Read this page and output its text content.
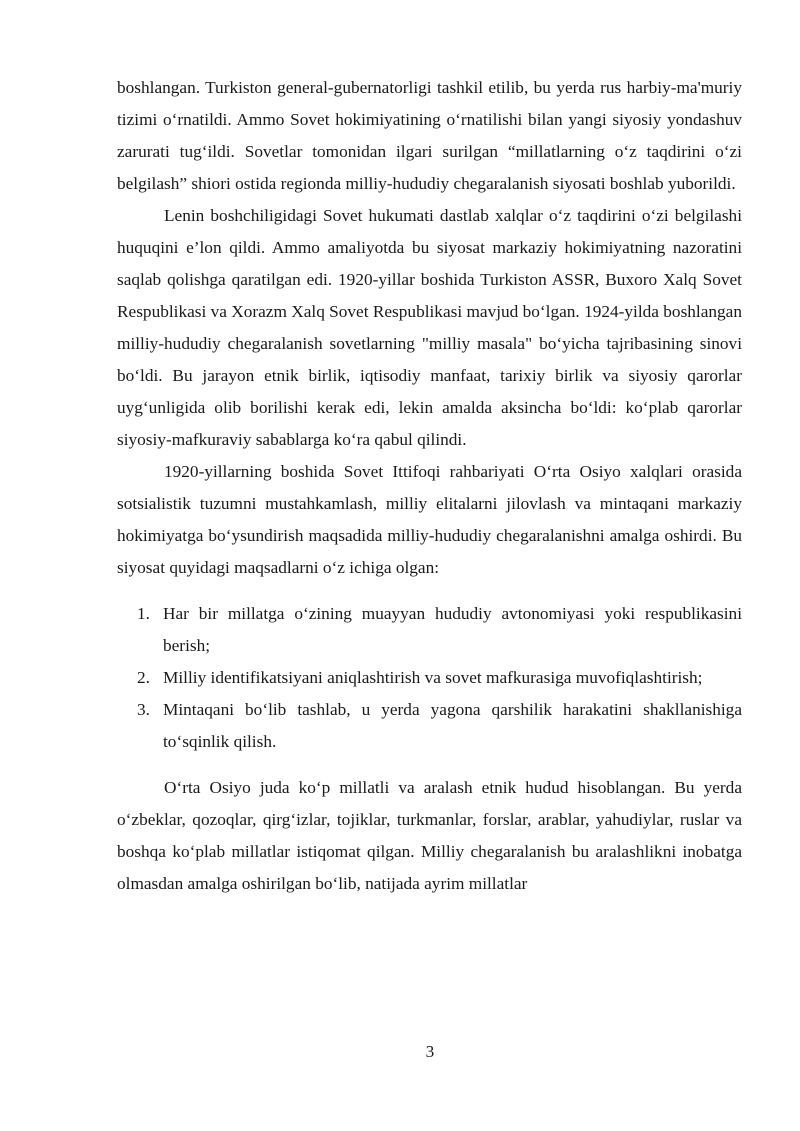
boshlangan. Turkiston general-gubernatorligi tashkil etilib, bu yerda rus harbiy-ma'muriy tizimi oʻrnatildi. Ammo Sovet hokimiyatining oʻrnatilishi bilan yangi siyosiy yondashuv zarurati tugʻildi. Sovetlar tomonidan ilgari surilgan “millatlarning oʻz taqdirini oʻzi belgilash” shiori ostida regionda milliy-hududiy chegaralanish siyosati boshlab yuborildi.

Lenin boshchiligidagi Sovet hukumati dastlab xalqlar oʻz taqdirini oʻzi belgilashi huquqini e’lon qildi. Ammo amaliyotda bu siyosat markaziy hokimiyatning nazoratini saqlab qolishga qaratilgan edi. 1920-yillar boshida Turkiston ASSR, Buxoro Xalq Sovet Respublikasi va Xorazm Xalq Sovet Respublikasi mavjud boʻlgan. 1924-yilda boshlangan milliy-hududiy chegaralanish sovetlarning "milliy masala" boʻyicha tajribasining sinovi boʻldi. Bu jarayon etnik birlik, iqtisodiy manfaat, tarixiy birlik va siyosiy qarorlar uygʻunligida olib borilishi kerak edi, lekin amalda aksincha boʻldi: koʻplab qarorlar siyosiy-mafkuraviy sabablarga koʻra qabul qilindi.

1920-yillarning boshida Sovet Ittifoqi rahbariyati Oʻrta Osiyo xalqlari orasida sotsialistik tuzumni mustahkamlash, milliy elitalarni jilovlash va mintaqani markaziy hokimiyatga boʻysundirish maqsadida milliy-hududiy chegaralanishni amalga oshirdi. Bu siyosat quyidagi maqsadlarni oʻz ichiga olgan:

1. Har bir millatga oʻzining muayyan hududiy avtonomiyasi yoki respublikasini berish;
2. Milliy identifikatsiyani aniqlashtirish va sovet mafkurasiga muvofiqlashtirish;
3. Mintaqani boʻlib tashlab, u yerda yagona qarshilik harakatini shakllanishiga toʻsqinlik qilish.

Oʻrta Osiyo juda koʻp millatli va aralash etnik hudud hisoblangan. Bu yerda oʻzbeklar, qozoqlar, qirgʻizlar, tojiklar, turkmanlar, forslar, arablar, yahudiylar, ruslar va boshqa koʻplab millatlar istiqomat qilgan. Milliy chegaralanish bu aralashlikni inobatga olmasdan amalga oshirilgan boʻlib, natijada ayrim millatlar

3
